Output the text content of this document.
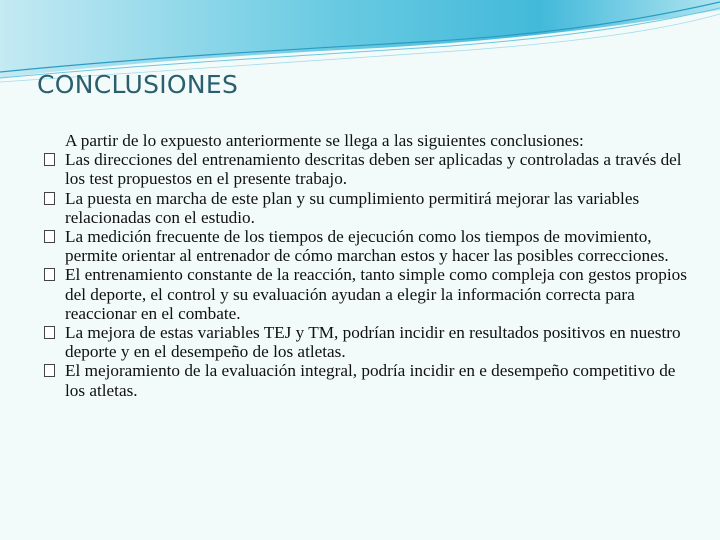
CONCLUSIONES

A partir de lo expuesto anteriormente se llega a las siguientes conclusiones:

Las direcciones del entrenamiento descritas deben ser aplicadas y controladas a través del los test propuestos en el presente trabajo.
La puesta en marcha de este plan y su cumplimiento permitirá mejorar las variables relacionadas con el estudio.
La medición frecuente de los tiempos de ejecución como los tiempos de movimiento, permite orientar al entrenador de cómo marchan estos y hacer las posibles correcciones.
El entrenamiento constante de la reacción, tanto simple como compleja con gestos propios del deporte, el control y su evaluación ayudan a elegir la información correcta para reaccionar en el combate.
La mejora de estas variables TEJ y TM, podrían incidir en resultados positivos en nuestro deporte y en el desempeño de los atletas.
El mejoramiento de la evaluación integral, podría incidir en e desempeño competitivo de los atletas.
